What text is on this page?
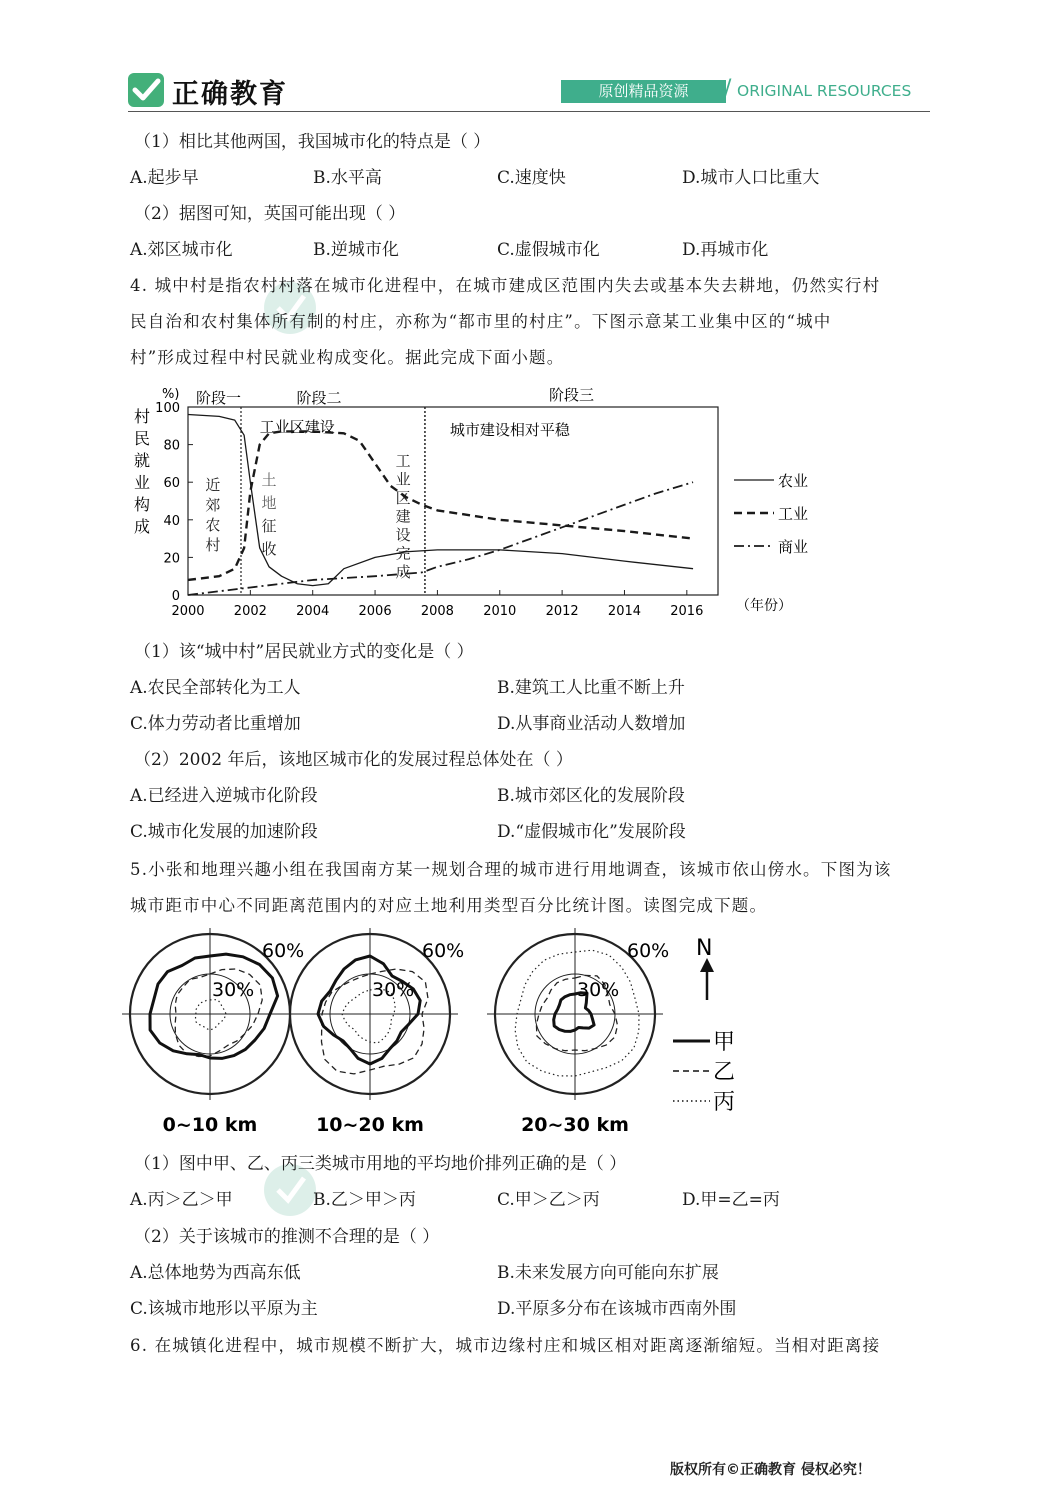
正确教育	原创精品资源	/ ORIGINAL RESOURCES
（1）相比其他两国，我国城市化的特点是（ ）
A.起步早	B.水平高	C.速度快	D.城市人口比重大
（2）据图可知，英国可能出现（ ）
A.郊区城市化	B.逆城市化	C.虚假城市化	D.再城市化
4. 城中村是指农村村落在城市化进程中，在城市建成区范围内失去或基本失去耕地，仍然实行村
民自治和农村集体所有制的村庄，亦称为“都市里的村庄”。下图示意某工业集中区的“城中
村”形成过程中村民就业构成变化。据此完成下面小题。
%)
村
民
就
业
构
成
0
20
40
60
80
100
2000 2002 2004 2006 2008 2010 2012 2014 2016
阶段一	阶段二	阶段三
工业区建设	城市建设相对平稳
近
郊
农
村
土
地
征
收
工
业
区
建
设
完
成
农业
工业
商业
（年份）
（1）该“城中村”居民就业方式的变化是（ ）
A.农民全部转化为工人	B.建筑工人比重不断上升
C.体力劳动者比重增加	D.从事商业活动人数增加
（2）2002 年后，该地区城市化的发展过程总体处在（ ）
A.已经进入逆城市化阶段	B.城市郊区化的发展阶段
C.城市化发展的加速阶段	D.“虚假城市化”发展阶段
5.小张和地理兴趣小组在我国南方某一规划合理的城市进行用地调查，该城市依山傍水。下图为该
城市距市中心不同距离范围内的对应土地利用类型百分比统计图。读图完成下题。
60%
30%
0~10 km
60%
30%
10~20 km
60%
30%
20~30 km
N
甲
乙
丙
（1）图中甲、乙、丙三类城市用地的平均地价排列正确的是（ ）
A.丙＞乙＞甲	B.乙＞甲＞丙	C.甲＞乙＞丙	D.甲=乙=丙
（2）关于该城市的推测不合理的是（ ）
A.总体地势为西高东低	B.未来发展方向可能向东扩展
C.该城市地形以平原为主	D.平原多分布在该城市西南外围
6. 在城镇化进程中，城市规模不断扩大，城市边缘村庄和城区相对距离逐渐缩短。当相对距离接
版权所有©正确教育 侵权必究！
